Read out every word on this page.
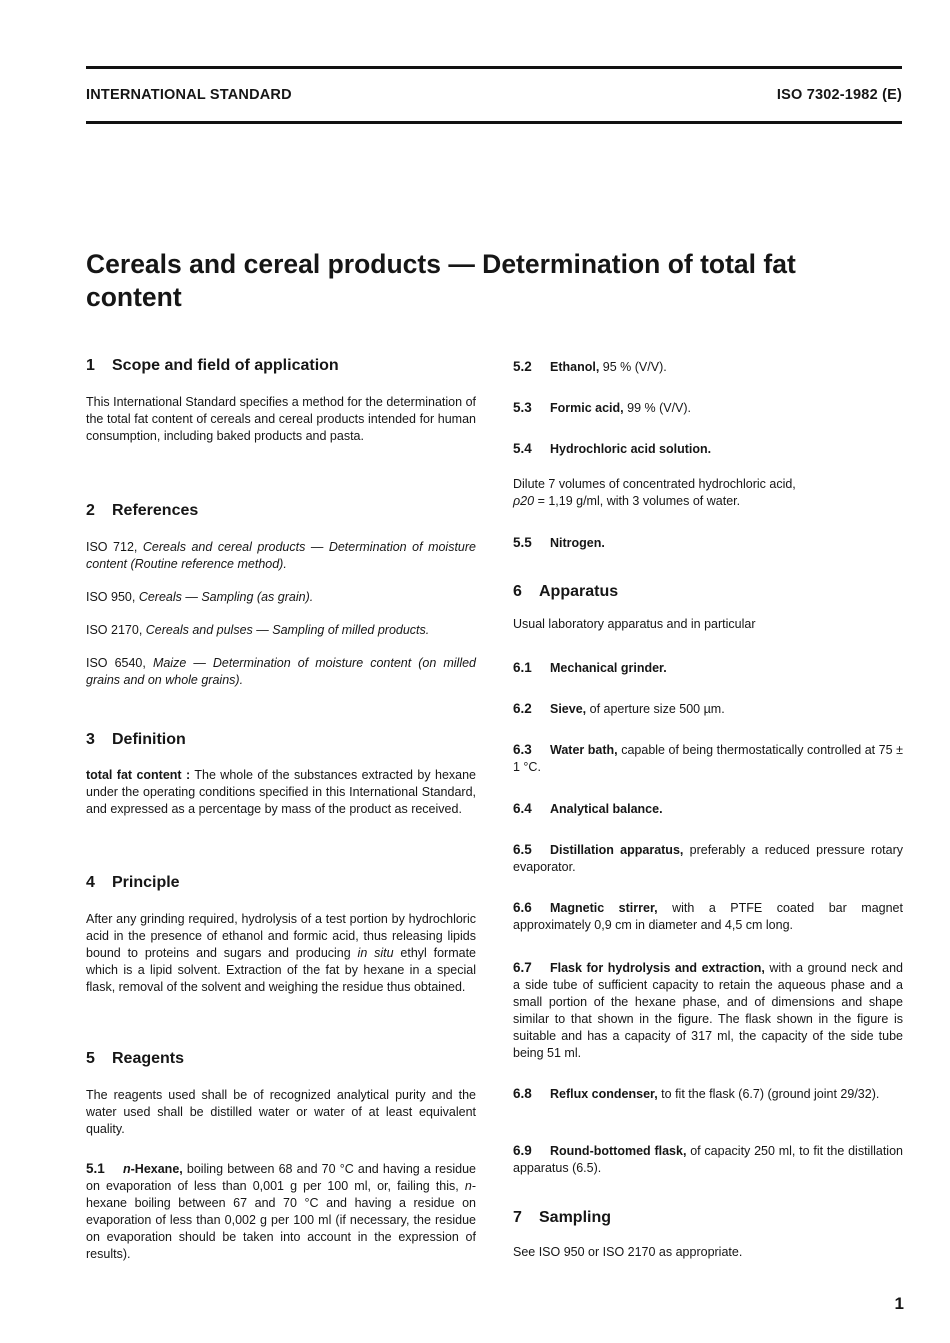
INTERNATIONAL STANDARD	ISO 7302-1982 (E)
Cereals and cereal products — Determination of total fat content

1 Scope and field of application

This International Standard specifies a method for the determination of the total fat content of cereals and cereal products intended for human consumption, including baked products and pasta.

2 References

ISO 712, Cereals and cereal products — Determination of moisture content (Routine reference method).

ISO 950, Cereals — Sampling (as grain).

ISO 2170, Cereals and pulses — Sampling of milled products.

ISO 6540, Maize — Determination of moisture content (on milled grains and on whole grains).

3 Definition

total fat content : The whole of the substances extracted by hexane under the operating conditions specified in this International Standard, and expressed as a percentage by mass of the product as received.

4 Principle

After any grinding required, hydrolysis of a test portion by hydrochloric acid in the presence of ethanol and formic acid, thus releasing lipids bound to proteins and sugars and producing in situ ethyl formate which is a lipid solvent. Extraction of the fat by hexane in a special flask, removal of the solvent and weighing the residue thus obtained.

5 Reagents

The reagents used shall be of recognized analytical purity and the water used shall be distilled water or water of at least equivalent quality.

5.1 n-Hexane, boiling between 68 and 70 °C and having a residue on evaporation of less than 0,001 g per 100 ml, or, failing this, n-hexane boiling between 67 and 70 °C and having a residue on evaporation of less than 0,002 g per 100 ml (if necessary, the residue on evaporation should be taken into account in the expression of results).

5.2 Ethanol, 95 % (V/V).

5.3 Formic acid, 99 % (V/V).

5.4 Hydrochloric acid solution.

Dilute 7 volumes of concentrated hydrochloric acid,
ρ20 = 1,19 g/ml, with 3 volumes of water.

5.5 Nitrogen.

6 Apparatus

Usual laboratory apparatus and in particular

6.1 Mechanical grinder.

6.2 Sieve, of aperture size 500 µm.

6.3 Water bath, capable of being thermostatically controlled at 75 ± 1 °C.

6.4 Analytical balance.

6.5 Distillation apparatus, preferably a reduced pressure rotary evaporator.

6.6 Magnetic stirrer, with a PTFE coated bar magnet approximately 0,9 cm in diameter and 4,5 cm long.

6.7 Flask for hydrolysis and extraction, with a ground neck and a side tube of sufficient capacity to retain the aqueous phase and a small portion of the hexane phase, and of dimensions and shape similar to that shown in the figure. The flask shown in the figure is suitable and has a capacity of 317 ml, the capacity of the side tube being 51 ml.

6.8 Reflux condenser, to fit the flask (6.7) (ground joint 29/32).

6.9 Round-bottomed flask, of capacity 250 ml, to fit the distillation apparatus (6.5).

7 Sampling

See ISO 950 or ISO 2170 as appropriate.

1
